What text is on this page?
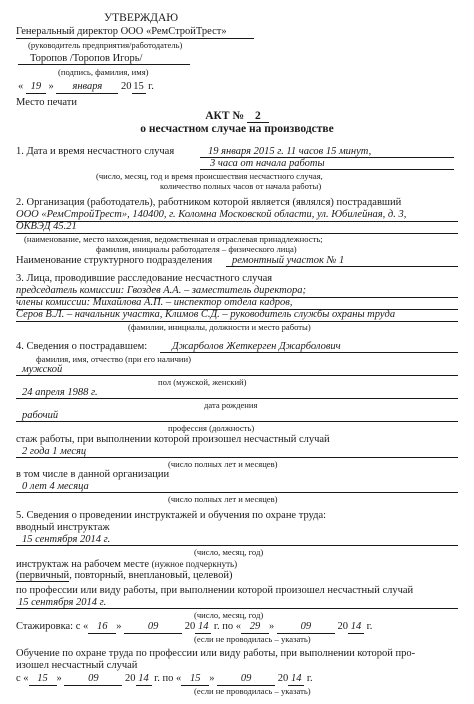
УТВЕРЖДАЮ
Генеральный директор ООО «РемСтройТрест»
(руководитель предприятия/работодатель)
Торопов /Торопов Игорь/
(подпись, фамилия, имя)
« 19 » января 20 15 г.
Место печати
АКТ № 2
о несчастном случае на производстве
1. Дата и время несчастного случая	19 января 2015 г. 11 часов 15 минут,
3 часа от начала работы
(число, месяц, год и время происшествия несчастного случая,
количество полных часов от начала работы)
2. Организация (работодатель), работником которой является (являлся) пострадавший
ООО «РемСтройТрест», 140400, г. Коломна Московской области, ул. Юбилейная, д. 3,
ОКВЭД 45.21
(наименование, место нахождения, ведомственная и отраслевая принадлежность;
фамилия, инициалы работодателя – физического лица)
Наименование структурного подразделения	ремонтный участок № 1
3. Лица, проводившие расследование несчастного случая
председатель комиссии: Гвоздев А.А. – заместитель директора;
члены комиссии: Михайлова А.П. – инспектор отдела кадров,
Серов В.Л. – начальник участка, Климов С.Д. – руководитель службы охраны труда
(фамилии, инициалы, должности и место работы)
4. Сведения о пострадавшем:	Джарболов Жеткерген Джарболович
фамилия, имя, отчество (при его наличии)
мужской
пол (мужской, женский)
24 апреля 1988 г.
дата рождения
рабочий
профессия (должность)
стаж работы, при выполнении которой произошел несчастный случай
2 года 1 месяц
(число полных лет и месяцев)
в том числе в данной организации
0 лет 4 месяца
(число полных лет и месяцев)
5. Сведения о проведении инструктажей и обучения по охране труда:
вводный инструктаж
15 сентября 2014 г.
(число, месяц, год)
инструктаж на рабочем месте (нужное подчеркнуть)
(первичный, повторный, внеплановый, целевой)
по профессии или виду работы, при выполнении которой произошел несчастный случай
15 сентября 2014 г.
(число, месяц, год)
Стажировка: с « 16 »	09	20 14 г. по « 29 »	09	20 14 г.
(если не проводилась – указать)
Обучение по охране труда по профессии или виду работы, при выполнении которой про-
изошел несчастный случай
с « 15 »	09	20 14 г. по « 15 »	09	20 14 г.
(если не проводилась – указать)
